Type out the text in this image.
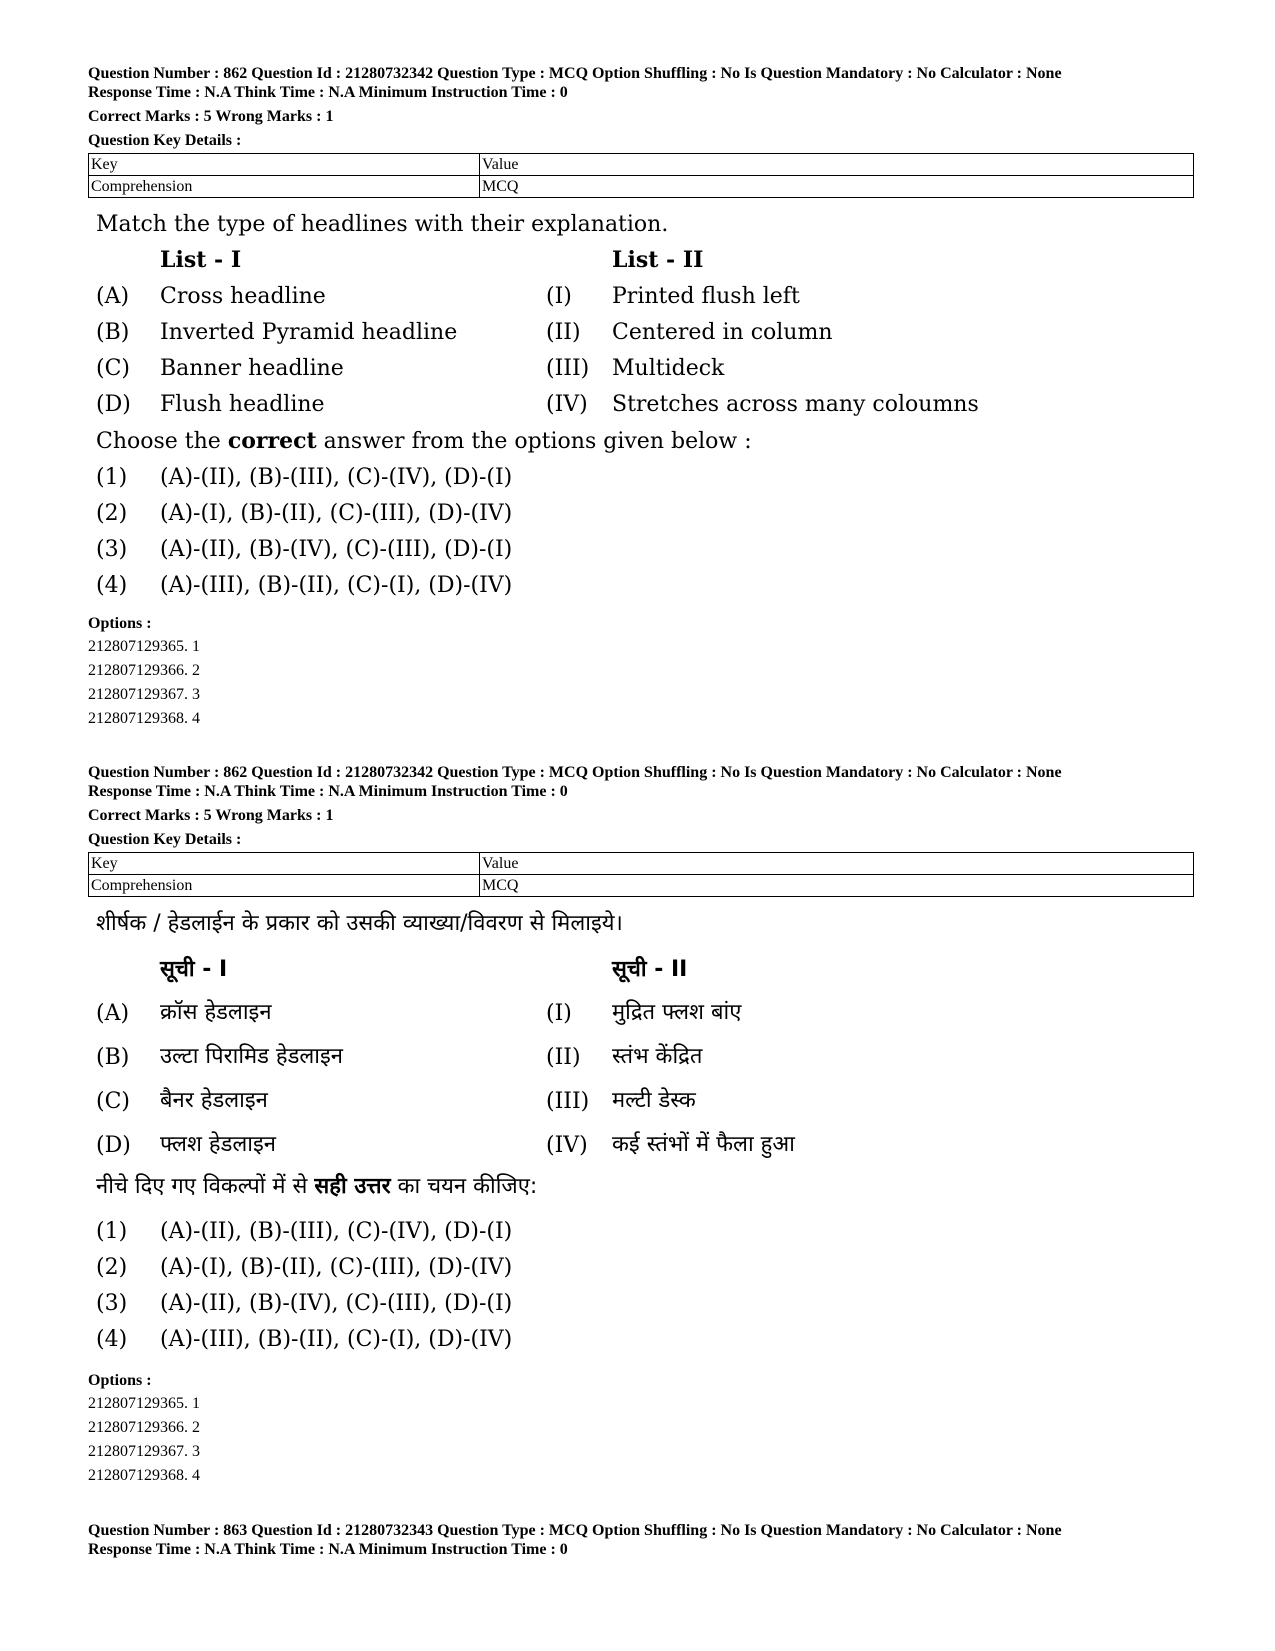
Question Number : 862 Question Id : 21280732342 Question Type : MCQ Option Shuffling : No Is Question Mandatory : No Calculator : None
Response Time : N.A Think Time : N.A Minimum Instruction Time : 0
Correct Marks : 5 Wrong Marks : 1
Question Key Details :
Key	Value
Comprehension	MCQ
Match the type of headlines with their explanation.
List - I	List - II
(A) Cross headline	(I) Printed flush left
(B) Inverted Pyramid headline	(II) Centered in column
(C) Banner headline	(III) Multideck
(D) Flush headline	(IV) Stretches across many coloumns
Choose the correct answer from the options given below :
(1) (A)-(II), (B)-(III), (C)-(IV), (D)-(I)
(2) (A)-(I), (B)-(II), (C)-(III), (D)-(IV)
(3) (A)-(II), (B)-(IV), (C)-(III), (D)-(I)
(4) (A)-(III), (B)-(II), (C)-(I), (D)-(IV)
Options :
212807129365. 1
212807129366. 2
212807129367. 3
212807129368. 4
Question Number : 862 Question Id : 21280732342 Question Type : MCQ Option Shuffling : No Is Question Mandatory : No Calculator : None
Response Time : N.A Think Time : N.A Minimum Instruction Time : 0
Correct Marks : 5 Wrong Marks : 1
Question Key Details :
Key	Value
Comprehension	MCQ
शीर्षक / हेडलाईन के प्रकार को उसकी व्याख्या/विवरण से मिलाइये।
सूची - I	सूची - II
(A) क्रॉस हेडलाइन	(I) मुद्रित फ्लश बांए
(B) उल्टा पिरामिड हेडलाइन	(II) स्तंभ केंद्रित
(C) बैनर हेडलाइन	(III) मल्टी डेस्क
(D) फ्लश हेडलाइन	(IV) कई स्तंभों में फैला हुआ
नीचे दिए गए विकल्पों में से सही उत्तर का चयन कीजिए:
(1) (A)-(II), (B)-(III), (C)-(IV), (D)-(I)
(2) (A)-(I), (B)-(II), (C)-(III), (D)-(IV)
(3) (A)-(II), (B)-(IV), (C)-(III), (D)-(I)
(4) (A)-(III), (B)-(II), (C)-(I), (D)-(IV)
Options :
212807129365. 1
212807129366. 2
212807129367. 3
212807129368. 4
Question Number : 863 Question Id : 21280732343 Question Type : MCQ Option Shuffling : No Is Question Mandatory : No Calculator : None
Response Time : N.A Think Time : N.A Minimum Instruction Time : 0
